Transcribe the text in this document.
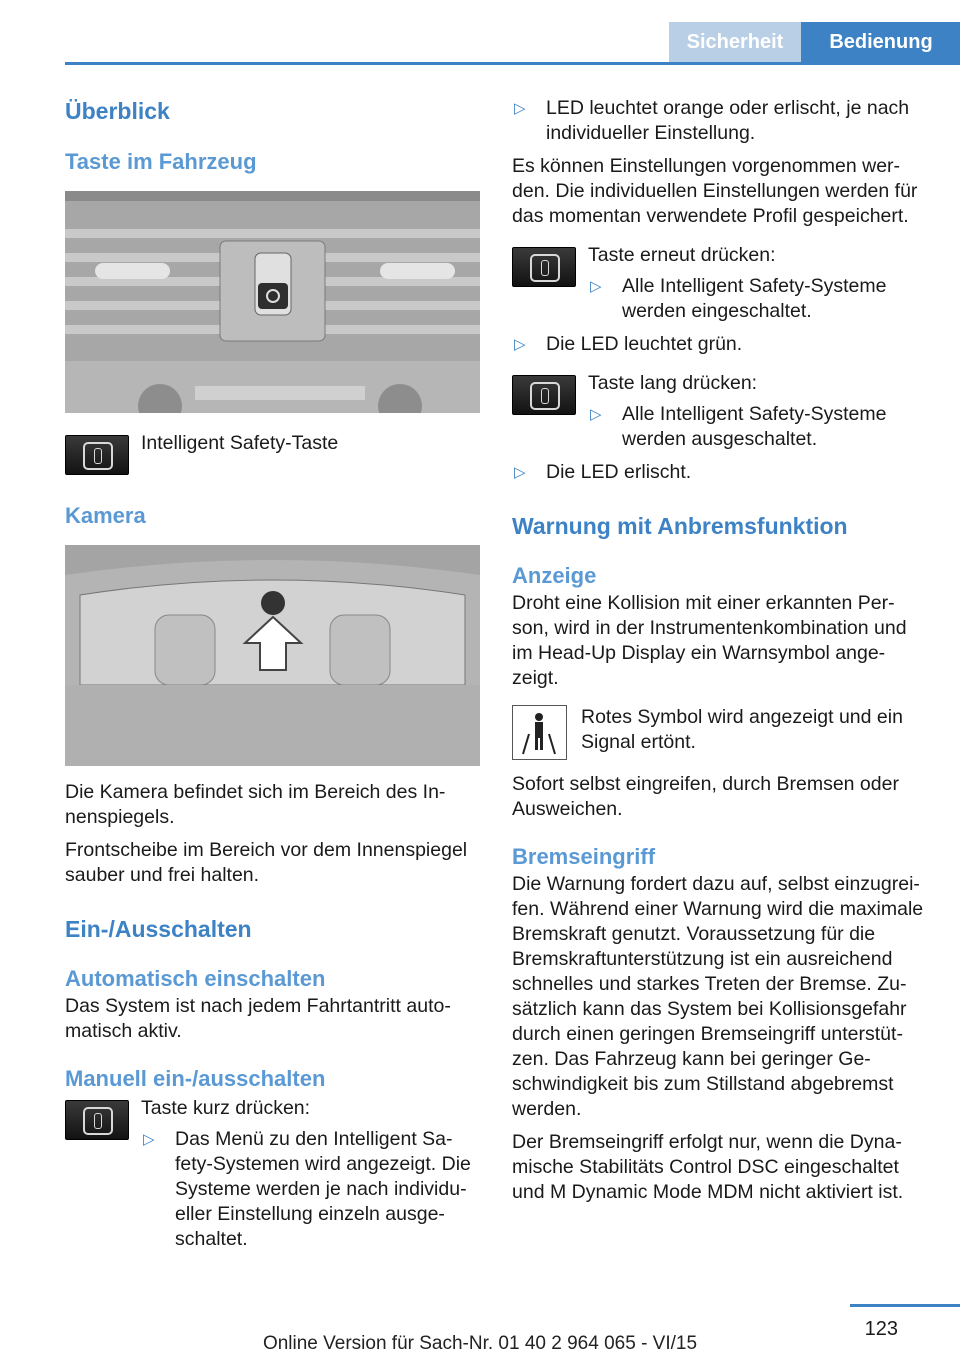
Sicherheit	Bedienung
Überblick
Taste im Fahrzeug

Intelligent Safety-Taste

Kamera

Die Kamera befindet sich im Bereich des In-nenspiegels.

Frontscheibe im Bereich vor dem Innenspiegel sauber und frei halten.

Ein-/Ausschalten
Automatisch einschalten

Das System ist nach jedem Fahrtantritt auto-matisch aktiv.

Manuell ein-/ausschalten

Taste kurz drücken:

▷ Das Menü zu den Intelligent Sa-fety-Systemen wird angezeigt. Die Systeme werden je nach individu-eller Einstellung einzeln ausge-schaltet.
▷ LED leuchtet orange oder erlischt, je nach individueller Einstellung.

Es können Einstellungen vorgenommen wer-den. Die individuellen Einstellungen werden für das momentan verwendete Profil gespeichert.

Taste erneut drücken:

▷ Alle Intelligent Safety-Systeme werden eingeschaltet.
▷ Die LED leuchtet grün.

Taste lang drücken:

▷ Alle Intelligent Safety-Systeme werden ausgeschaltet.
▷ Die LED erlischt.
Warnung mit Anbremsfunktion
Anzeige

Droht eine Kollision mit einer erkannten Per-son, wird in der Instrumentenkombination und im Head-Up Display ein Warnsymbol ange-zeigt.

Rotes Symbol wird angezeigt und ein Signal ertönt.

Sofort selbst eingreifen, durch Bremsen oder Ausweichen.

Bremseingriff

Die Warnung fordert dazu auf, selbst einzugrei-fen. Während einer Warnung wird die maximale Bremskraft genutzt. Voraussetzung für die Bremskraftunterstützung ist ein ausreichend schnelles und starkes Treten der Bremse. Zu-sätzlich kann das System bei Kollisionsgefahr durch einen geringen Bremseingriff unterstüt-zen. Das Fahrzeug kann bei geringer Ge-schwindigkeit bis zum Stillstand abgebremst werden.

Der Bremseingriff erfolgt nur, wenn die Dyna-mische Stabilitäts Control DSC eingeschaltet und M Dynamic Mode MDM nicht aktiviert ist.

123
Online Version für Sach-Nr. 01 40 2 964 065 - VI/15
